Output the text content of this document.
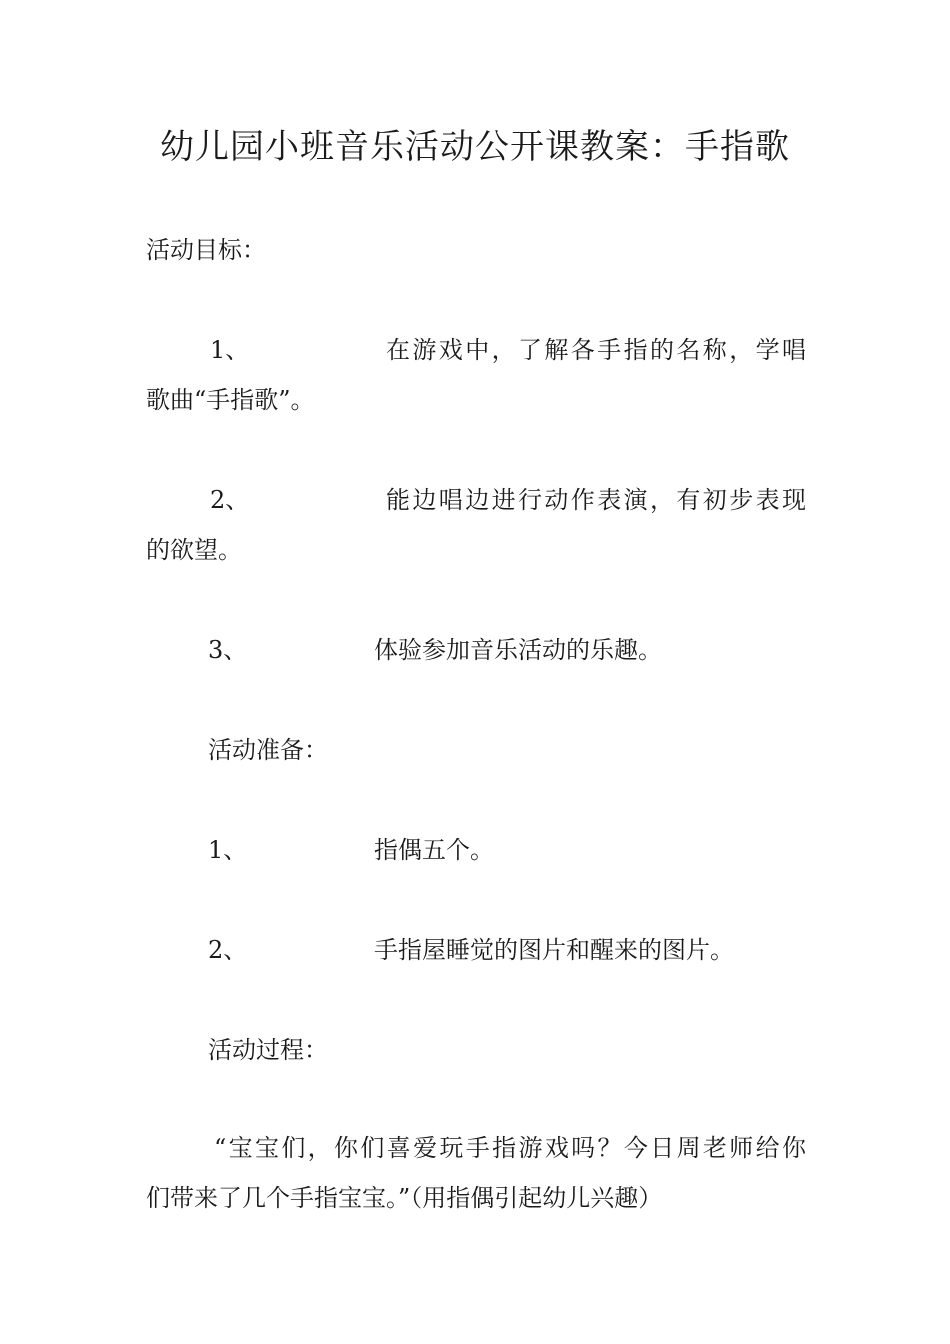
幼儿园小班音乐活动公开课教案：手指歌
活动目标：
1、	在游戏中，了解各手指的名称，学唱
歌曲“手指歌”。
2、	能边唱边进行动作表演，有初步表现
的欲望。
3、	体验参加音乐活动的乐趣。
活动准备：
1、	指偶五个。
2、	手指屋睡觉的图片和醒来的图片。
活动过程：
“宝宝们，你们喜爱玩手指游戏吗？今日周老师给你
们带来了几个手指宝宝。”（用指偶引起幼儿兴趣）
